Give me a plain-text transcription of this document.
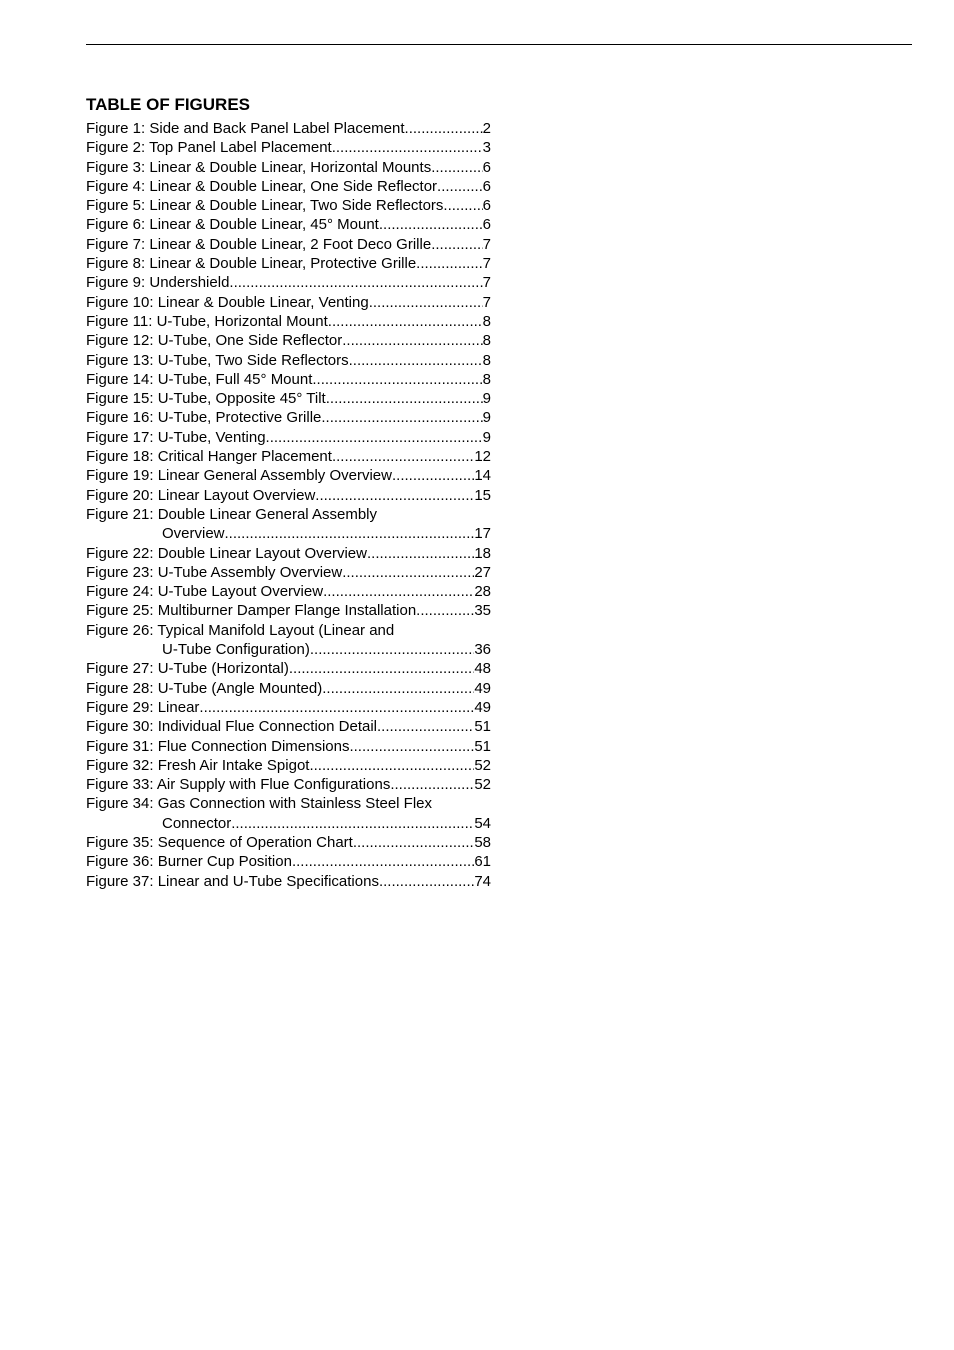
TABLE OF FIGURES
Figure 1: Side and Back Panel Label Placement .....	2
Figure 2: Top Panel Label Placement .....	3
Figure 3: Linear & Double Linear, Horizontal Mounts .....	6
Figure 4: Linear & Double Linear, One Side Reflector .....	6
Figure 5: Linear & Double Linear, Two Side Reflectors .....	6
Figure 6: Linear & Double Linear, 45° Mount .....	6
Figure 7: Linear & Double Linear, 2 Foot Deco Grille .....	7
Figure 8: Linear & Double Linear, Protective Grille .....	7
Figure 9: Undershield .....	7
Figure 10: Linear & Double Linear, Venting .....	7
Figure 11: U-Tube, Horizontal Mount .....	8
Figure 12: U-Tube, One Side Reflector .....	8
Figure 13: U-Tube, Two Side Reflectors .....	8
Figure 14: U-Tube, Full 45° Mount .....	8
Figure 15: U-Tube, Opposite 45° Tilt .....	9
Figure 16: U-Tube, Protective Grille .....	9
Figure 17: U-Tube, Venting .....	9
Figure 18: Critical Hanger Placement .....	12
Figure 19: Linear General Assembly Overview .....	14
Figure 20: Linear Layout Overview .....	15
Figure 21: Double Linear General Assembly
Overview .....	17
Figure 22: Double Linear Layout Overview .....	18
Figure 23: U-Tube Assembly Overview .....	27
Figure 24: U-Tube Layout Overview .....	28
Figure 25: Multiburner Damper Flange Installation .....	35
Figure 26: Typical Manifold Layout (Linear and
U-Tube Configuration) .....	36
Figure 27: U-Tube (Horizontal) .....	48
Figure 28: U-Tube (Angle Mounted) .....	49
Figure 29: Linear .....	49
Figure 30: Individual Flue Connection Detail .....	51
Figure 31: Flue Connection Dimensions .....	51
Figure 32: Fresh Air Intake Spigot .....	52
Figure 33: Air Supply with Flue Configurations .....	52
Figure 34: Gas Connection with Stainless Steel Flex
Connector .....	54
Figure 35: Sequence of Operation Chart .....	58
Figure 36: Burner Cup Position .....	61
Figure 37: Linear and U-Tube Specifications .....	74
